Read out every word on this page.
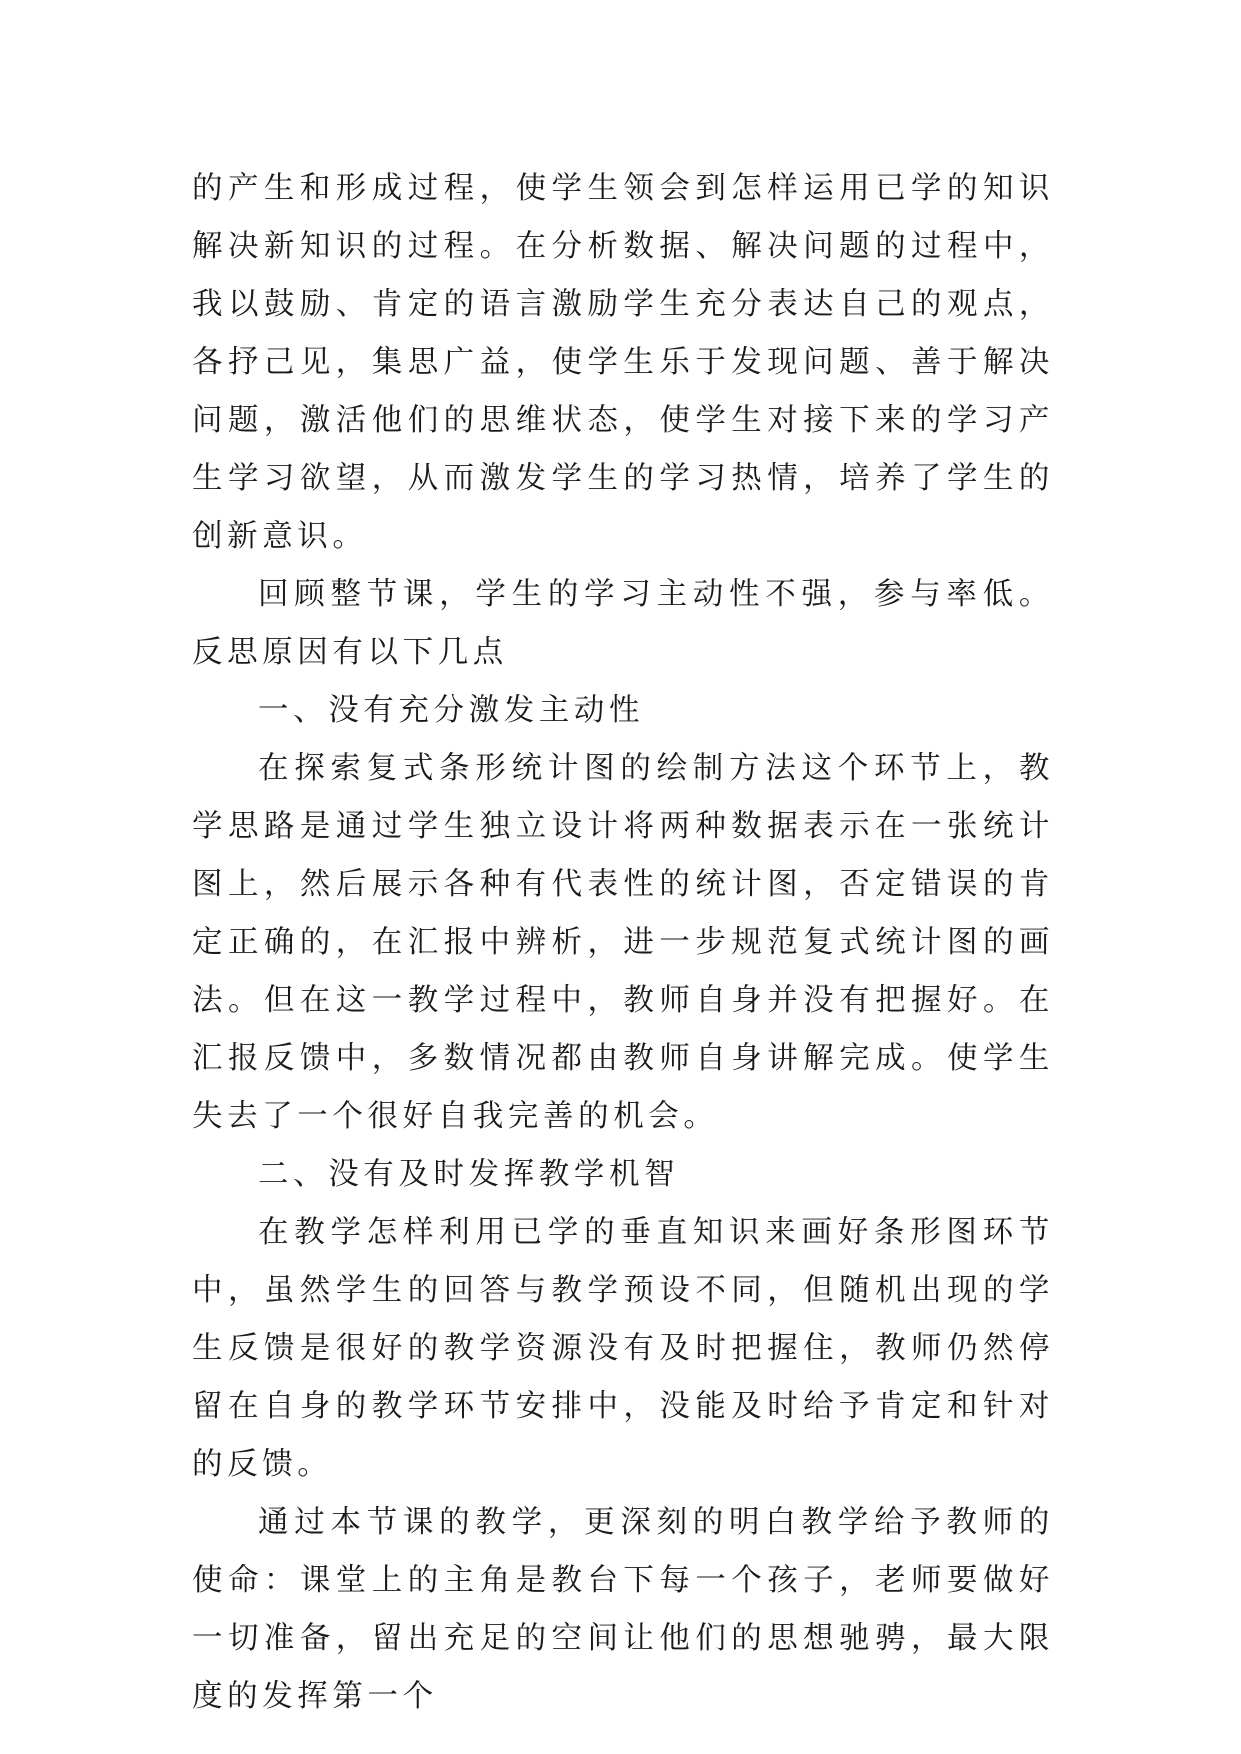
的产生和形成过程，使学生领会到怎样运用已学的知识解决新知识的过程。在分析数据、解决问题的过程中，我以鼓励、肯定的语言激励学生充分表达自己的观点，各抒己见，集思广益，使学生乐于发现问题、善于解决问题，激活他们的思维状态，使学生对接下来的学习产生学习欲望，从而激发学生的学习热情，培养了学生的创新意识。

回顾整节课，学生的学习主动性不强，参与率低。反思原因有以下几点

一、没有充分激发主动性

在探索复式条形统计图的绘制方法这个环节上，教学思路是通过学生独立设计将两种数据表示在一张统计图上，然后展示各种有代表性的统计图，否定错误的肯定正确的，在汇报中辨析，进一步规范复式统计图的画法。但在这一教学过程中，教师自身并没有把握好。在汇报反馈中，多数情况都由教师自身讲解完成。使学生失去了一个很好自我完善的机会。

二、没有及时发挥教学机智

在教学怎样利用已学的垂直知识来画好条形图环节中，虽然学生的回答与教学预设不同，但随机出现的学生反馈是很好的教学资源没有及时把握住，教师仍然停留在自身的教学环节安排中，没能及时给予肯定和针对的反馈。

通过本节课的教学，更深刻的明白教学给予教师的使命：课堂上的主角是教台下每一个孩子，老师要做好一切准备，留出充足的空间让他们的思想驰骋，最大限度的发挥第一个
